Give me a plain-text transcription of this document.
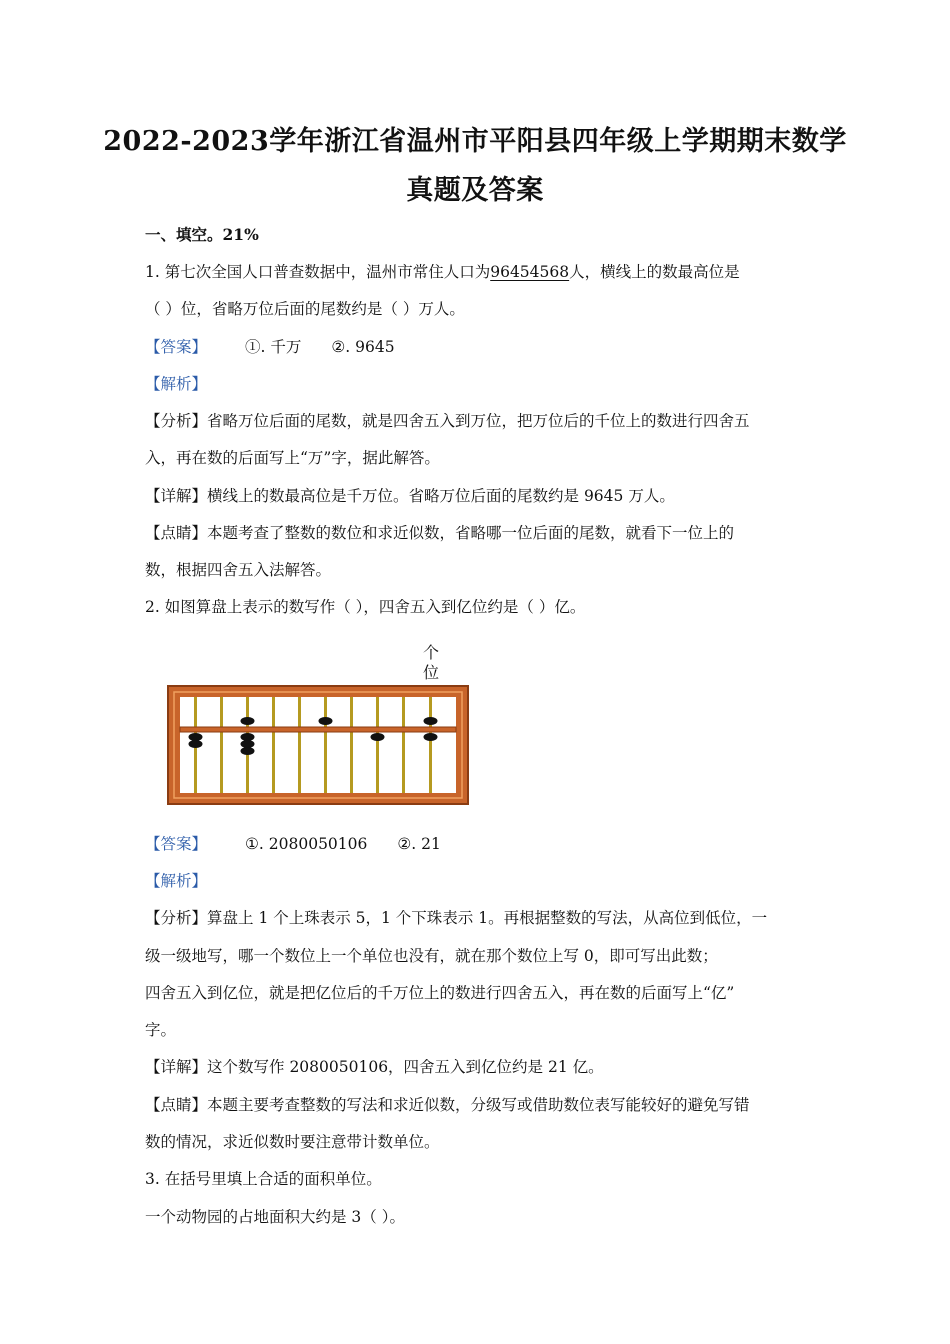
2022-2023学年浙江省温州市平阳县四年级上学期期末数学
真题及答案
一、填空。21%
1. 第七次全国人口普查数据中，温州市常住人口为96454568人，横线上的数最高位是
（ ）位，省略万位后面的尾数约是（ ）万人。
【答案】 ①. 千万 ②. 9645
【解析】
【分析】省略万位后面的尾数，就是四舍五入到万位，把万位后的千位上的数进行四舍五
入，再在数的后面写上“万”字，据此解答。
【详解】横线上的数最高位是千万位。省略万位后面的尾数约是 9645 万人。
【点睛】本题考查了整数的数位和求近似数，省略哪一位后面的尾数，就看下一位上的
数，根据四舍五入法解答。
2. 如图算盘上表示的数写作（ ），四舍五入到亿位约是（ ）亿。
个
位
【答案】 ①. 2080050106 ②. 21
【解析】
【分析】算盘上 1 个上珠表示 5，1 个下珠表示 1。再根据整数的写法，从高位到低位，一
级一级地写，哪一个数位上一个单位也没有，就在那个数位上写 0，即可写出此数；
四舍五入到亿位，就是把亿位后的千万位上的数进行四舍五入，再在数的后面写上“亿”
字。
【详解】这个数写作 2080050106，四舍五入到亿位约是 21 亿。
【点睛】本题主要考查整数的写法和求近似数，分级写或借助数位表写能较好的避免写错
数的情况，求近似数时要注意带计数单位。
3. 在括号里填上合适的面积单位。
一个动物园的占地面积大约是 3（ ）。
